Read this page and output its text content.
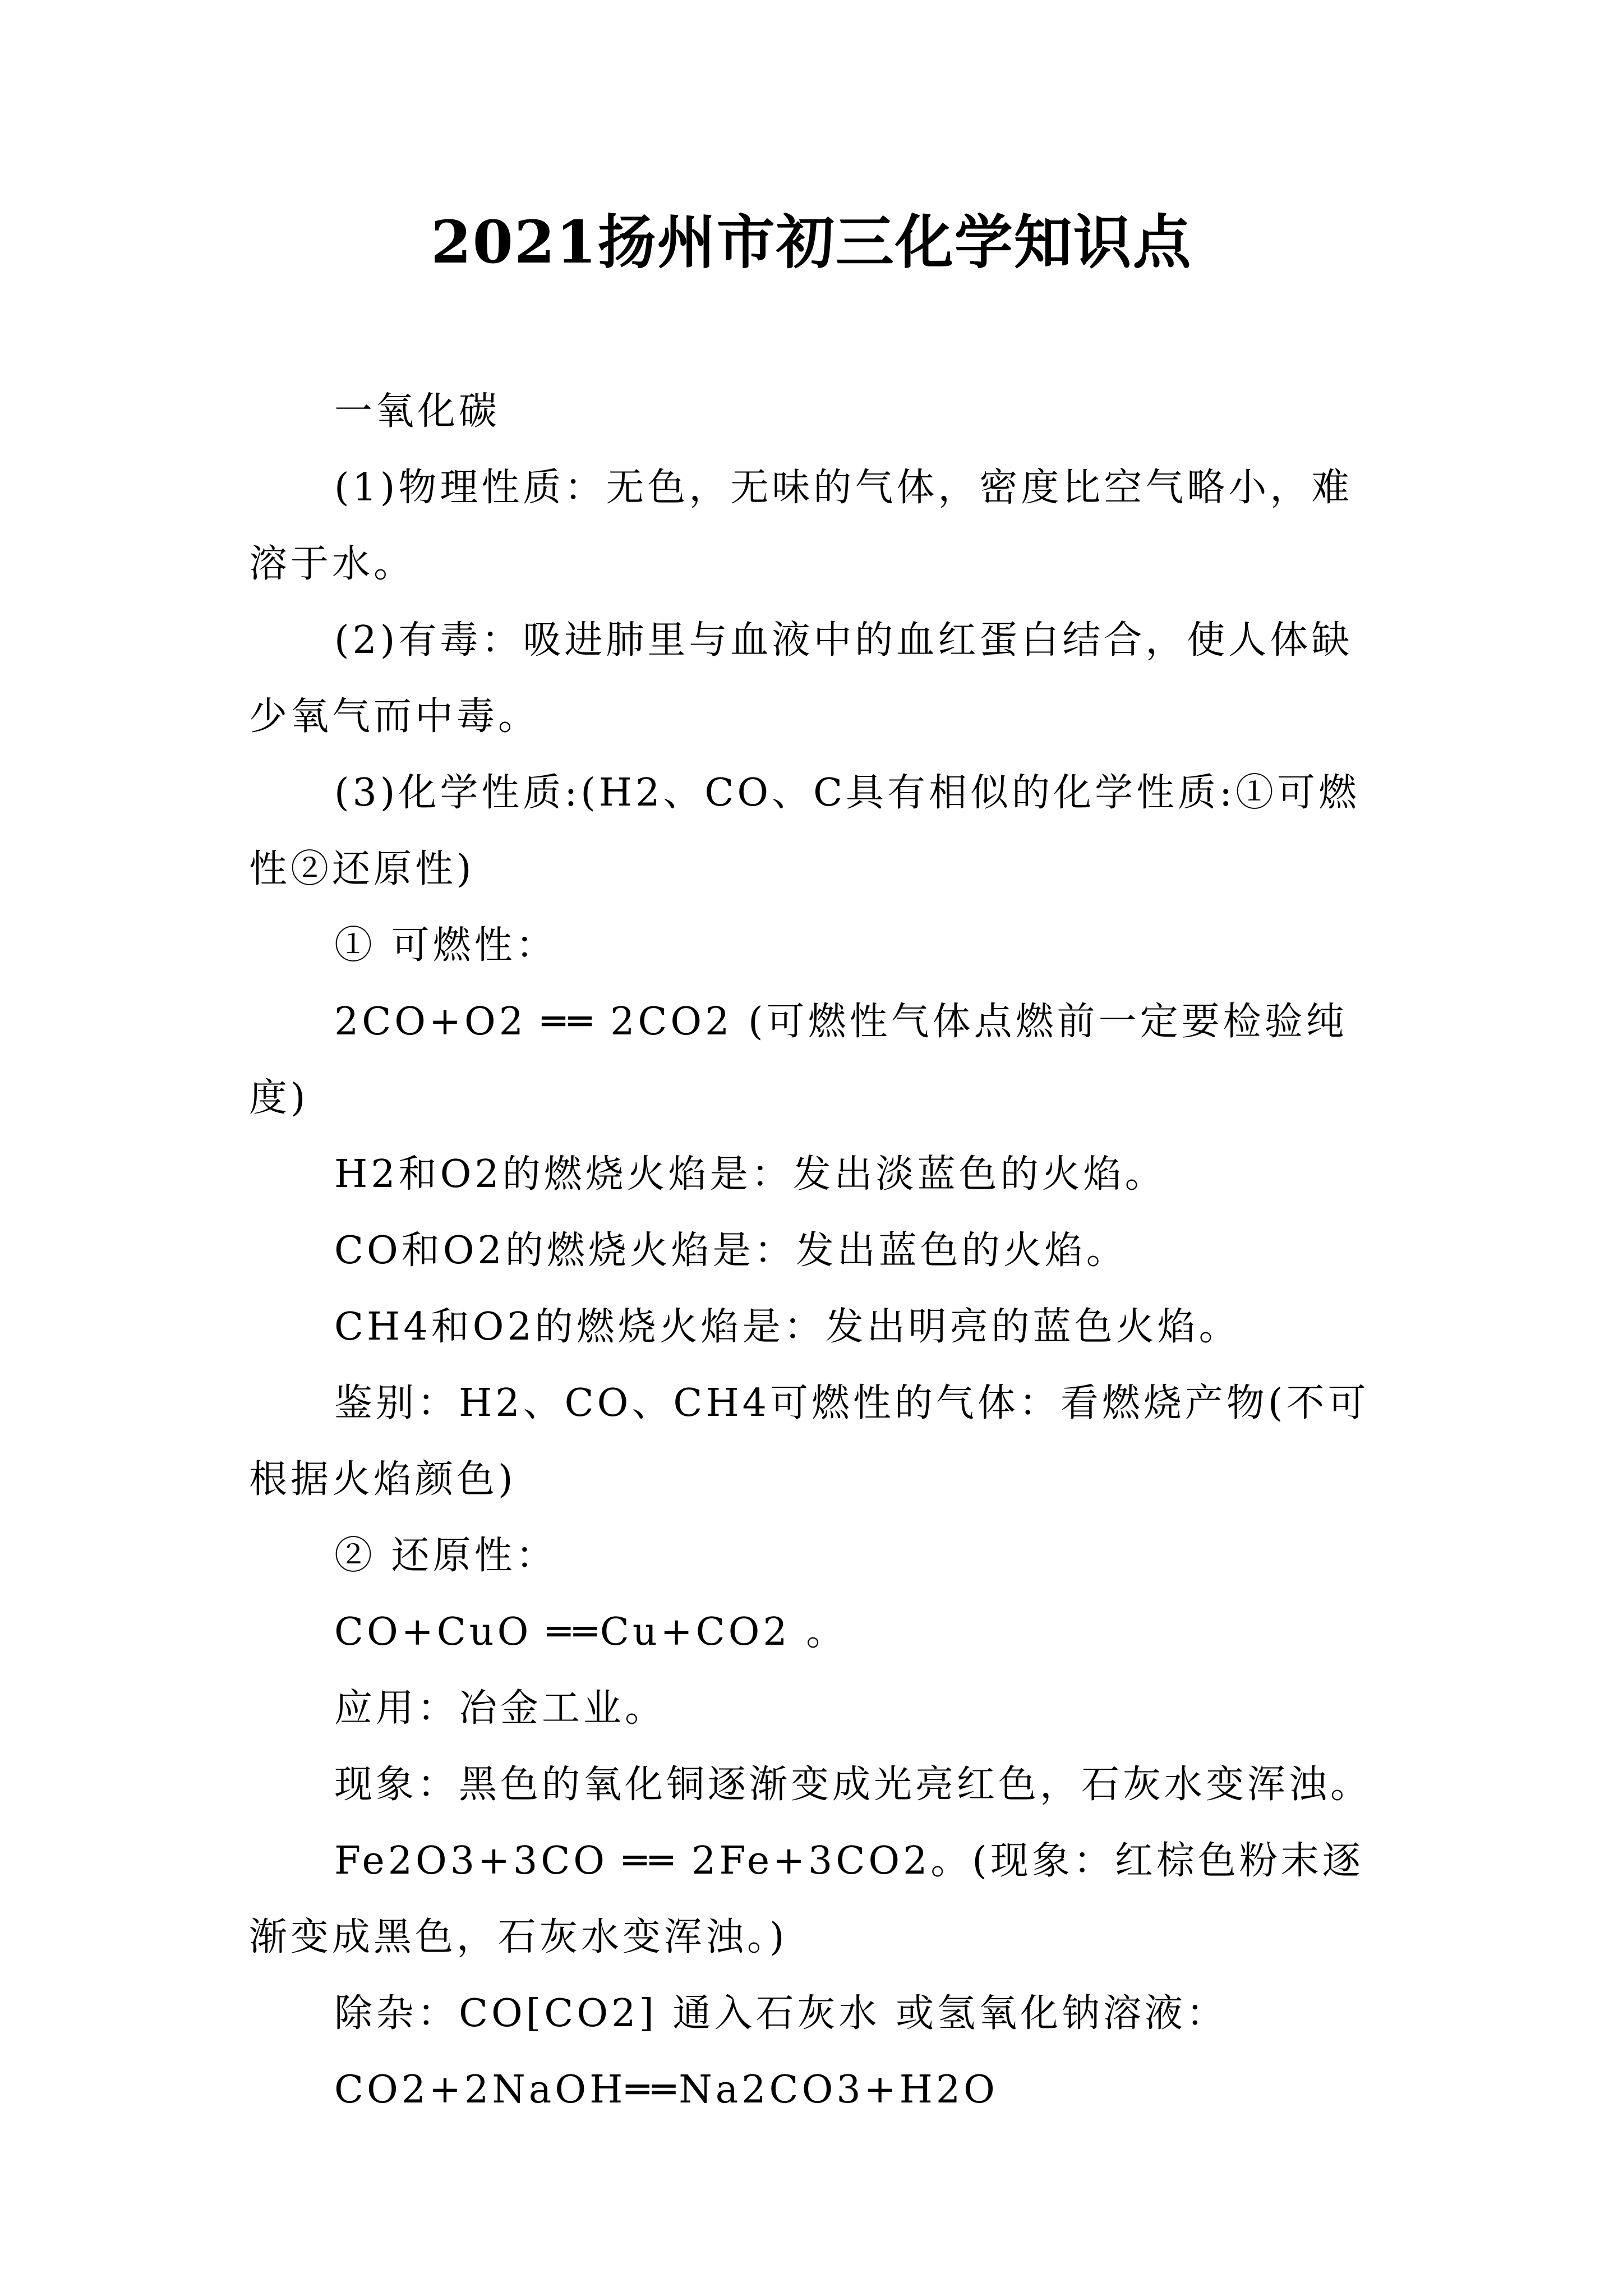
2021扬州市初三化学知识点

一氧化碳

(1)物理性质：无色，无味的气体，密度比空气略小，难溶于水。

(2)有毒：吸进肺里与血液中的血红蛋白结合，使人体缺少氧气而中毒。

(3)化学性质:(H2、CO、C具有相似的化学性质:①可燃性②还原性)

① 可燃性：

2CO+O2 ══ 2CO2 (可燃性气体点燃前一定要检验纯度)

H2和O2的燃烧火焰是：发出淡蓝色的火焰。

CO和O2的燃烧火焰是：发出蓝色的火焰。

CH4和O2的燃烧火焰是：发出明亮的蓝色火焰。

鉴别：H2、CO、CH4可燃性的气体：看燃烧产物(不可根据火焰颜色)

② 还原性：

CO+CuO ══Cu+CO2 。

应用：冶金工业。

现象：黑色的氧化铜逐渐变成光亮红色，石灰水变浑浊。

Fe2O3+3CO ══ 2Fe+3CO2。(现象：红棕色粉末逐渐变成黑色，石灰水变浑浊。)

除杂：CO[CO2] 通入石灰水 或氢氧化钠溶液：

CO2+2NaOH══Na2CO3+H2O
